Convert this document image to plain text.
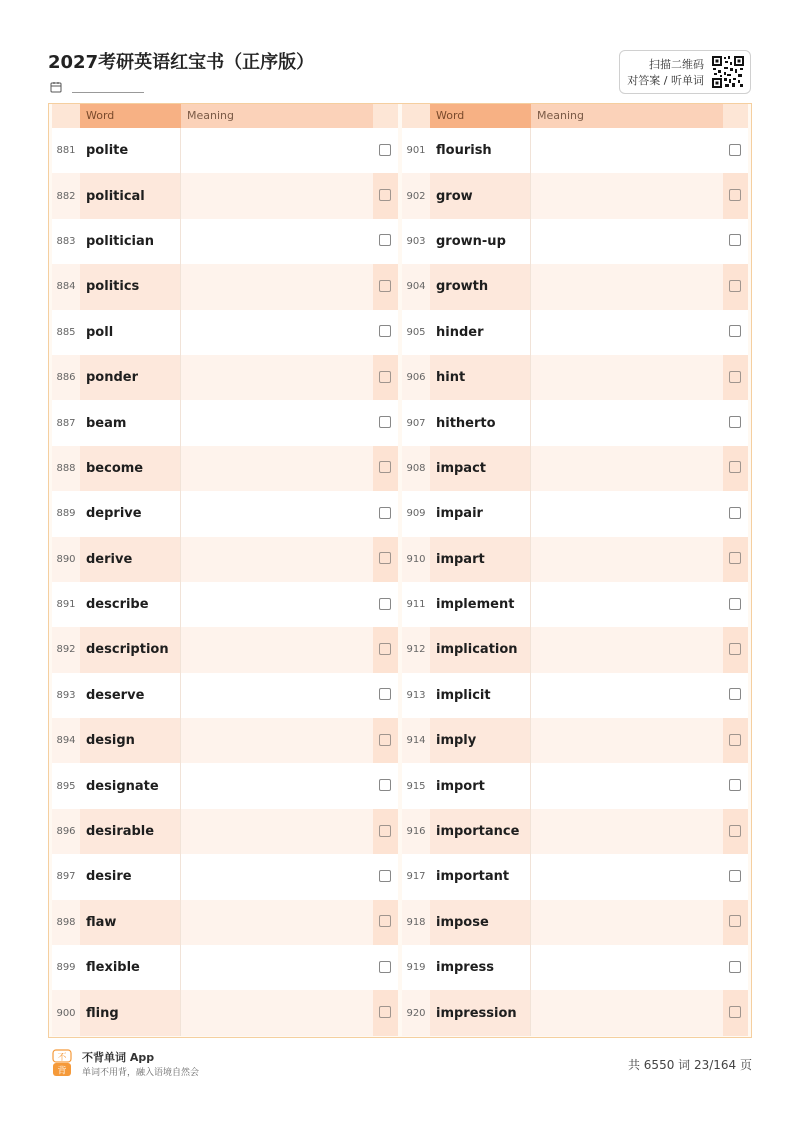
2027考研英语红宝书（正序版）	扫描二维码
对答案 / 听单词
Word	Meaning
881 polite
882 political
883 politician
884 politics
885 poll
886 ponder
887 beam
888 become
889 deprive
890 derive
891 describe
892 description
893 deserve
894 design
895 designate
896 desirable
897 desire
898 flaw
899 flexible
900 fling
Word	Meaning
901 flourish
902 grow
903 grown-up
904 growth
905 hinder
906 hint
907 hitherto
908 impact
909 impair
910 impart
911 implement
912 implication
913 implicit
914 imply
915 import
916 importance
917 important
918 impose
919 impress
920 impression
不
背
不背单词 App
单词不用背，融入语境自然会
共 6550 词 23/164 页
